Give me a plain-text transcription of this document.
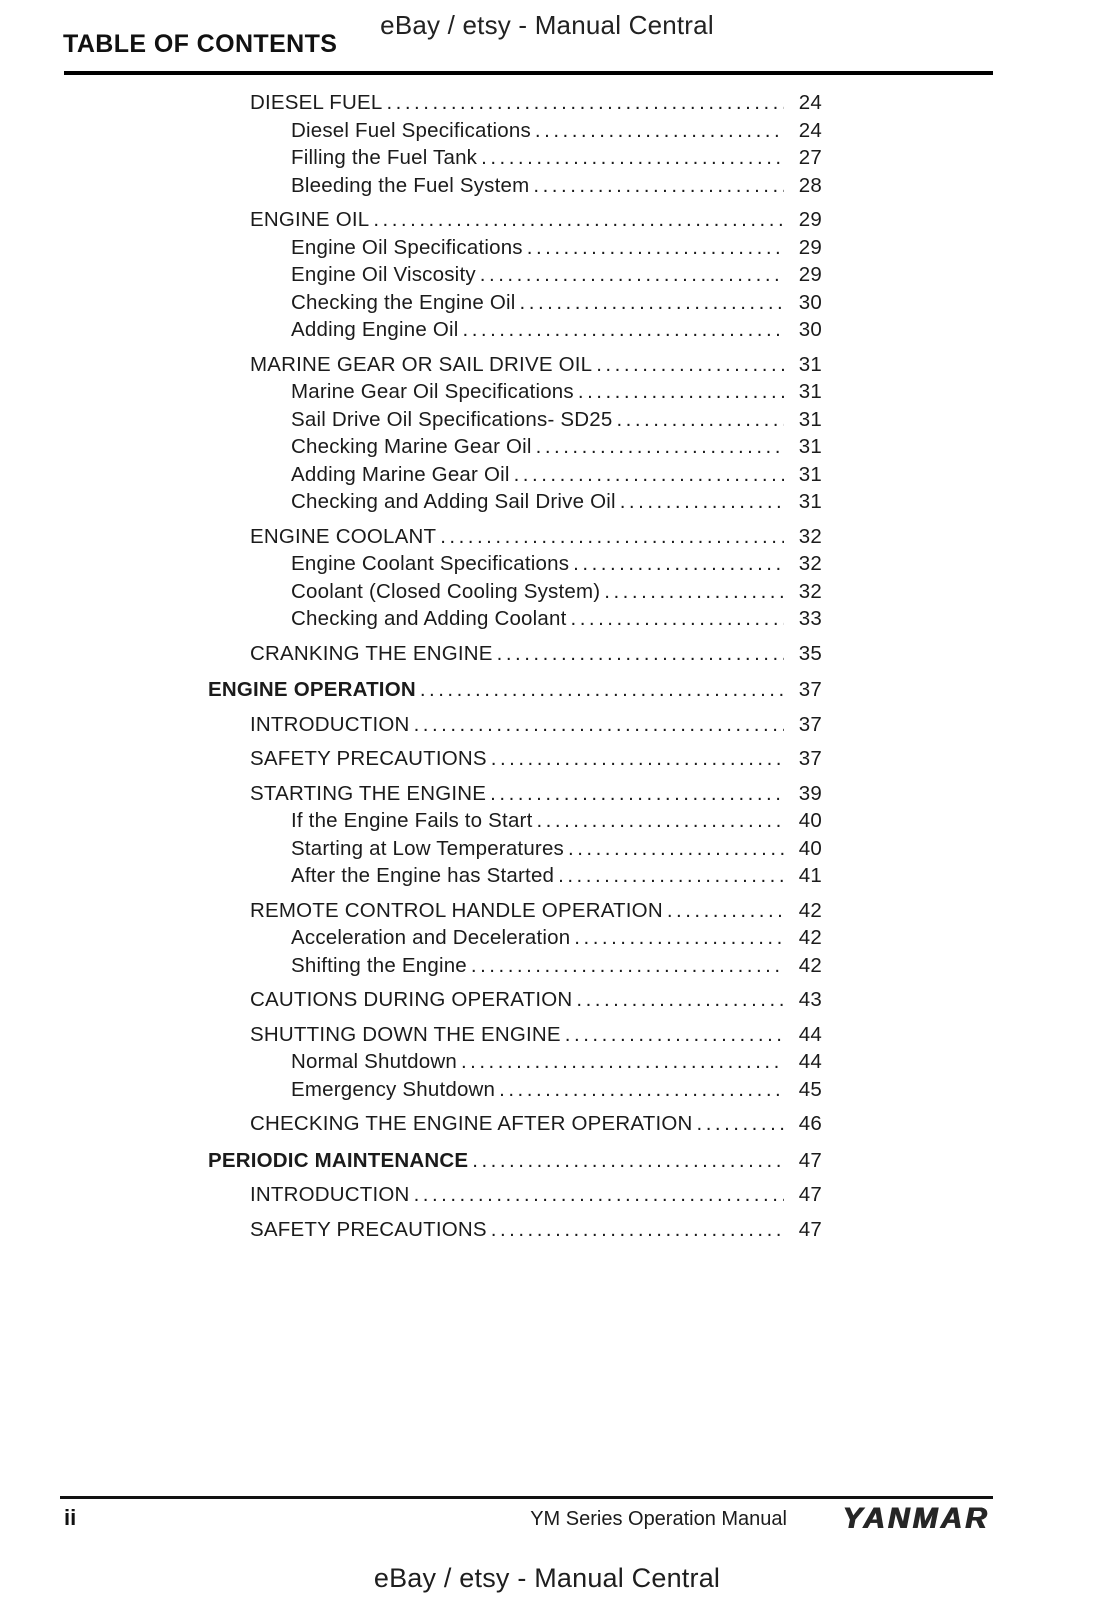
eBay / etsy - Manual Central
TABLE OF CONTENTS
DIESEL FUEL .....	24
Diesel Fuel Specifications .....	24
Filling the Fuel Tank .....	27
Bleeding the Fuel System .....	28
ENGINE OIL .....	29
Engine Oil Specifications .....	29
Engine Oil Viscosity .....	29
Checking the Engine Oil .....	30
Adding Engine Oil .....	30
MARINE GEAR OR SAIL DRIVE OIL .....	31
Marine Gear Oil Specifications .....	31
Sail Drive Oil Specifications- SD25 .....	31
Checking Marine Gear Oil .....	31
Adding Marine Gear Oil .....	31
Checking and Adding Sail Drive Oil .....	31
ENGINE COOLANT .....	32
Engine Coolant Specifications .....	32
Coolant (Closed Cooling System) .....	32
Checking and Adding Coolant .....	33
CRANKING THE ENGINE .....	35
ENGINE OPERATION .....	37
INTRODUCTION .....	37
SAFETY PRECAUTIONS .....	37
STARTING THE ENGINE .....	39
If the Engine Fails to Start .....	40
Starting at Low Temperatures .....	40
After the Engine has Started .....	41
REMOTE CONTROL HANDLE OPERATION .....	42
Acceleration and Deceleration .....	42
Shifting the Engine .....	42
CAUTIONS DURING OPERATION .....	43
SHUTTING DOWN THE ENGINE .....	44
Normal Shutdown .....	44
Emergency Shutdown .....	45
CHECKING THE ENGINE AFTER OPERATION .....	46
PERIODIC MAINTENANCE .....	47
INTRODUCTION .....	47
SAFETY PRECAUTIONS .....	47
ii	YM Series Operation Manual YANMAR
eBay / etsy - Manual Central
